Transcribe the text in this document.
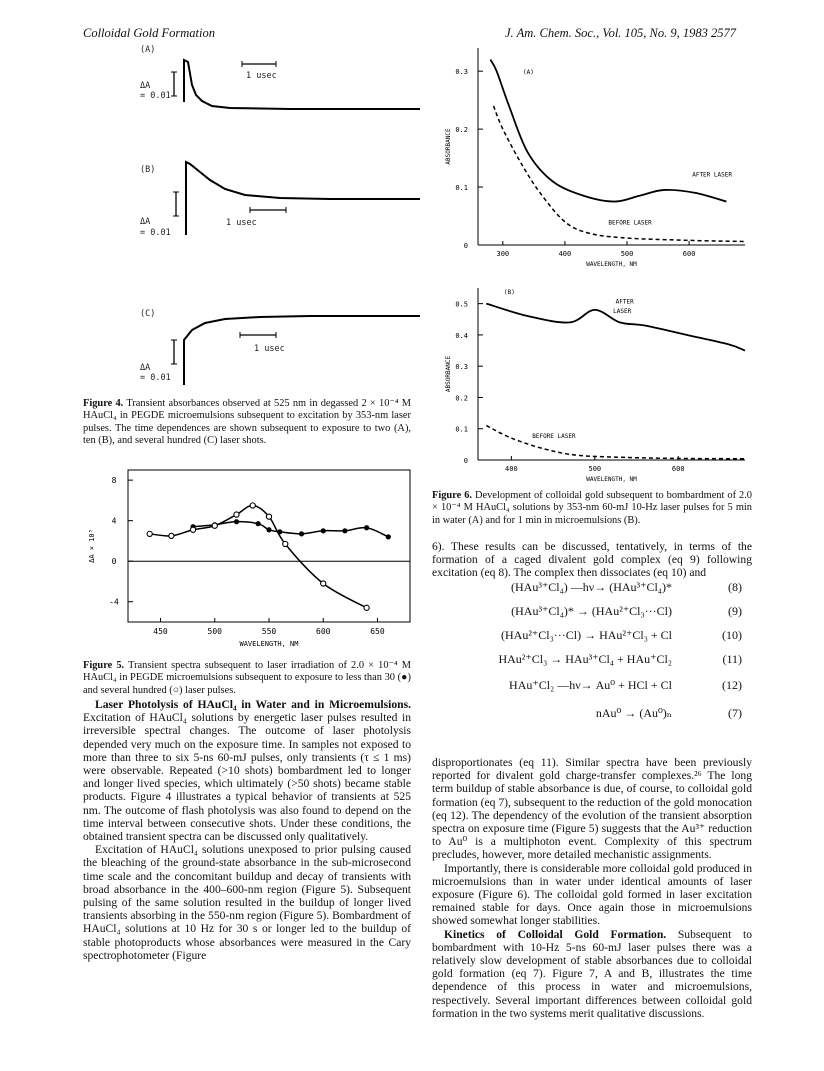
Colloidal Gold Formation	J. Am. Chem. Soc., Vol. 105, No. 9, 1983 2577
(A)
ΔA
= 0.01
1 usec
(B)
ΔA
= 0.01
1 usec
(C)
ΔA
= 0.01
1 usec
Figure 4. Transient absorbances observed at 525 nm in degassed 2 × 10⁻⁴ M HAuCl₄ in PEGDE microemulsions subsequent to excitation by 353-nm laser pulses. The time dependences are shown subsequent to exposure to two (A), ten (B), and several hundred (C) laser shots.
8
4
0
-4
450	500	550	600	650
WAVELENGTH, NM
ΔA × 10³
Figure 5. Transient spectra subsequent to laser irradiation of 2.0 × 10⁻⁴ M HAuCl₄ in PEGDE microemulsions subsequent to exposure to less than 30 (●) and several hundred (○) laser pulses.

Laser Photolysis of HAuCl₄ in Water and in Microemulsions. Excitation of HAuCl₄ solutions by energetic laser pulses resulted in irreversible spectral changes. The outcome of laser photolysis depended very much on the exposure time. In samples not exposed to more than three to six 5-ns 60-mJ pulses, only transients (τ ≤ 1 ms) were observable. Repeated (>10 shots) bombardment led to longer and longer lived species, which ultimately (>50 shots) became stable products. Figure 4 illustrates a typical behavior of transients at 525 nm. The outcome of flash photolysis was also found to depend on the time interval between consecutive shots. Under these conditions, the obtained transient spectra can be discussed only qualitatively.

Excitation of HAuCl₄ solutions unexposed to prior pulsing caused the bleaching of the ground-state absorbance in the sub-microsecond time scale and the concomitant buildup and decay of transients with broad absorbance in the 400–600-nm region (Figure 5). Subsequent pulsing of the same solution resulted in the buildup of longer lived transients absorbing in the 550-nm region (Figure 5). Bombardment of HAuCl₄ solutions at 10 Hz for 30 s or longer led to the buildup of stable photoproducts whose absorbances were measured in the Cary spectrophotometer (Figure

0.3
0.2
0.1
0
300	400	500	600
WAVELENGTH, NM
ABSORBANCE
(A)
AFTER LASER
BEFORE LASER
0.5
0.4
0.3
0.2
0.1
0
400	500	600
WAVELENGTH, NM
ABSORBANCE
(B)
AFTER
LASER
BEFORE LASER
Figure 6. Development of colloidal gold subsequent to bombardment of 2.0 × 10⁻⁴ M HAuCl₄ solutions by 353-nm 60-mJ 10-Hz laser pulses for 5 min in water (A) and for 1 min in microemulsions (B).

6). These results can be discussed, tentatively, in terms of the formation of a caged divalent gold complex (eq 9) following excitation (eq 8). The complex then dissociates (eq 10) and

(HAu³⁺Cl₄) —hν→ (HAu³⁺Cl₄)*	(8)
(HAu³⁺Cl₄)* → (HAu²⁺Cl₃···Cl)	(9)
(HAu²⁺Cl₃···Cl) → HAu²⁺Cl₃ + Cl	(10)
HAu²⁺Cl₃ → HAu³⁺Cl₄ + HAu⁺Cl₂	(11)
HAu⁺Cl₂ —hν→ Au⁰ + HCl + Cl	(12)
nAu⁰ → (Au⁰)ₙ	(7)

disproportionates (eq 11). Similar spectra have been previously reported for divalent gold charge-transfer complexes.²⁶ The long term buildup of stable absorbance is due, of course, to colloidal gold formation (eq 7), subsequent to the reduction of the gold monocation (eq 12). The dependency of the evolution of the transient absorption spectra on exposure time (Figure 5) suggests that the Au³⁺ reduction to Au⁰ is a multiphoton event. Complexity of this spectrum precludes, however, more detailed mechanistic assignments.

Importantly, there is considerable more colloidal gold produced in microemulsions than in water under identical amounts of laser exposure (Figure 6). The colloidal gold formed in laser excitation remained stable for days. Once again those in microemulsions showed somewhat longer stabilities.

Kinetics of Colloidal Gold Formation. Subsequent to bombardment with 10-Hz 5-ns 60-mJ laser pulses there was a relatively slow development of stable absorbances due to colloidal gold formation (eq 7). Figure 7, A and B, illustrates the time dependence of this process in water and microemulsions, respectively. Several important differences between colloidal gold formation in the two systems merit qualitative discussions.
